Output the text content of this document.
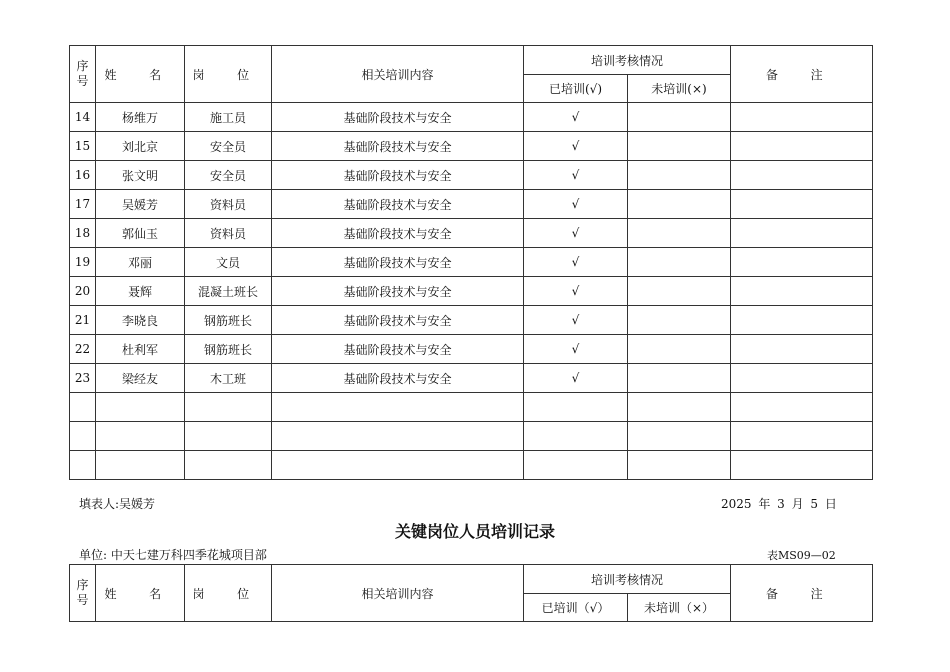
序号	姓 名	岗 位	相关培训内容	培训考核情况		备 注
				已培训(√)	未培训(×)	
14	杨维万	施工员	基础阶段技术与安全	√		
15	刘北京	安全员	基础阶段技术与安全	√		
16	张文明	安全员	基础阶段技术与安全	√		
17	吴媛芳	资料员	基础阶段技术与安全	√		
18	郭仙玉	资料员	基础阶段技术与安全	√		
19	邓丽	文员	基础阶段技术与安全	√		
20	聂辉	混凝土班长	基础阶段技术与安全	√		
21	李晓良	钢筋班长	基础阶段技术与安全	√		
22	杜利军	钢筋班长	基础阶段技术与安全	√		
23	梁经友	木工班	基础阶段技术与安全	√		

填表人:吴媛芳	2025 年 3 月 5 日
关键岗位人员培训记录
单位: 中天七建万科四季花城项目部	表MS09—02
序号	姓 名	岗 位	相关培训内容	培训考核情况		备 注
				已培训（√）	未培训（×）	
